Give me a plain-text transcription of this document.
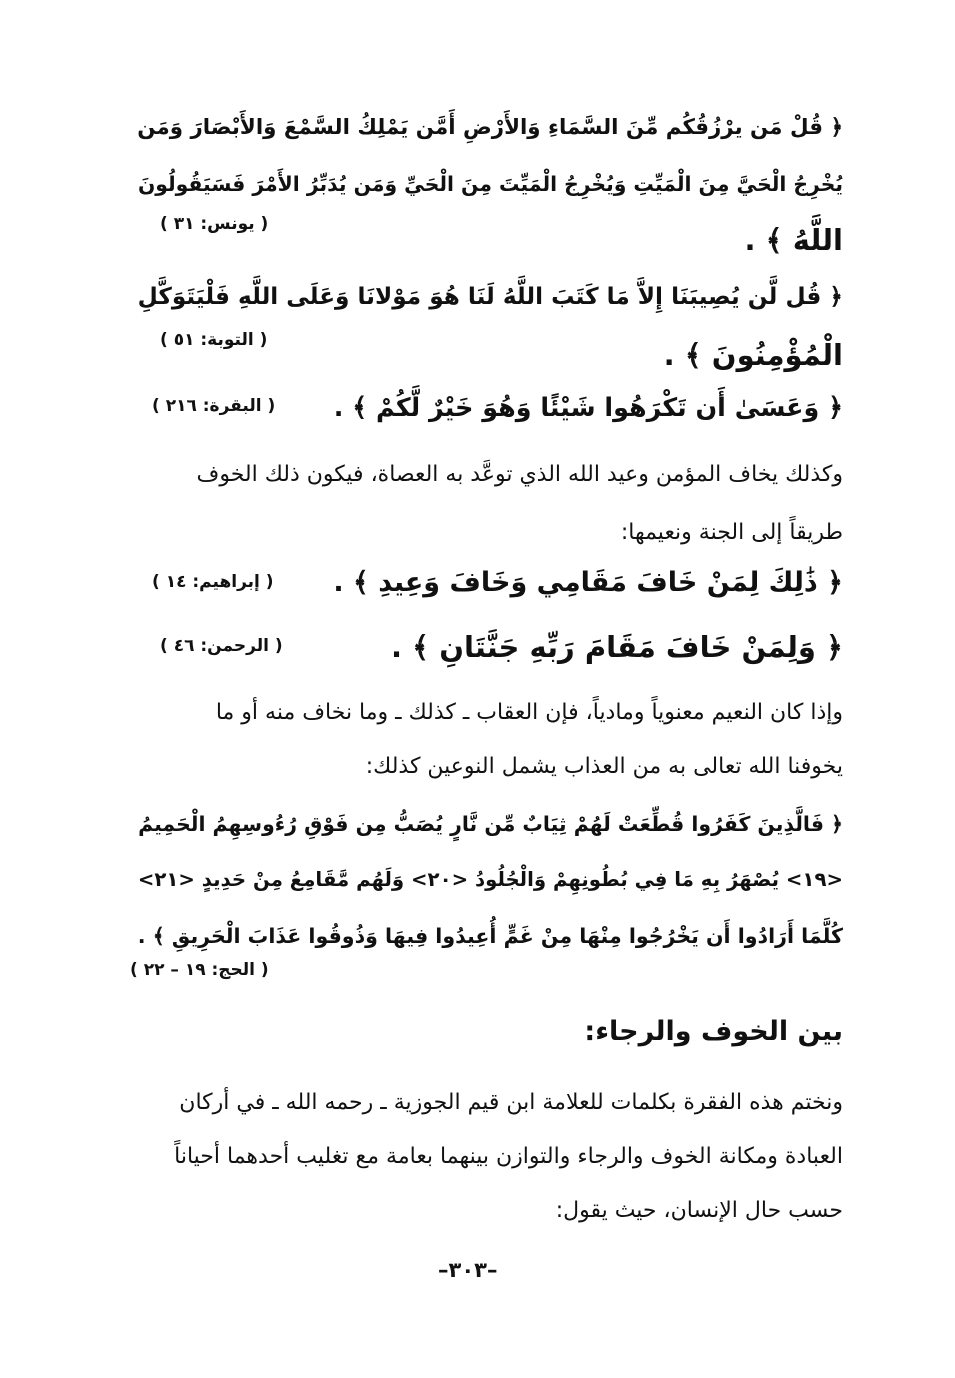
﴿ قُلْ مَن يرْزُقُكُم مِّنَ السَّمَاءِ وَالأَرْضِ أَمَّن يَمْلِكُ السَّمْعَ وَالأَبْصَارَ وَمَن
يُخْرِجُ الْحَيَّ مِنَ الْمَيِّتِ وَيُخْرِجُ الْمَيِّتَ مِنَ الْحَيِّ وَمَن يُدَبِّرُ الأَمْرَ فَسَيَقُولُونَ
اللَّهُ ﴾ .
( يونس: ٣١ )
﴿ قُل لَّن يُصِيبَنَا إِلاَّ مَا كَتَبَ اللَّهُ لَنَا هُوَ مَوْلانَا وَعَلَى اللَّهِ فَلْيَتَوَكَّلِ
الْمُؤْمِنُونَ ﴾ .
( التوبة: ٥١ )
﴿ وَعَسَىٰ أَن تَكْرَهُوا شَيْئًا وَهُوَ خَيْرٌ لَّكُمْ ﴾ .
( البقرة: ٢١٦ )
وكذلك يخاف المؤمن وعيد الله الذي توعَّد به العصاة، فيكون ذلك الخوف
طريقاً إلى الجنة ونعيمها:
﴿ ذَٰلِكَ لِمَنْ خَافَ مَقَامِي وَخَافَ وَعِيدِ ﴾ .
( إبراهيم: ١٤ )
﴿ وَلِمَنْ خَافَ مَقَامَ رَبِّهِ جَنَّتَانِ ﴾ .
( الرحمن: ٤٦ )
وإذا كان النعيم معنوياً ومادياً، فإن العقاب ـ كذلك ـ وما نخاف منه أو ما
يخوفنا الله تعالى به من العذاب يشمل النوعين كذلك:
﴿ فَالَّذِينَ كَفَرُوا قُطِّعَتْ لَهُمْ ثِيَابٌ مِّن نَّارٍ يُصَبُّ مِن فَوْقِ رُءُوسِهِمُ الْحَمِيمُ
<١٩> يُصْهَرُ بِهِ مَا فِي بُطُونِهِمْ وَالْجُلُودُ <٢٠> وَلَهُم مَّقَامِعُ مِنْ حَدِيدٍ <٢١>
كُلَّمَا أَرَادُوا أَن يَخْرُجُوا مِنْهَا مِنْ غَمٍّ أُعِيدُوا فِيهَا وَذُوقُوا عَذَابَ الْحَرِيقِ ﴾ .
( الحج: ١٩ – ٢٢ )
بين الخوف والرجاء:
ونختم هذه الفقرة بكلمات للعلامة ابن قيم الجوزية ـ رحمه الله ـ في أركان
العبادة ومكانة الخوف والرجاء والتوازن بينهما بعامة مع تغليب أحدهما أحياناً
حسب حال الإنسان، حيث يقول:
–٣٠٣–
